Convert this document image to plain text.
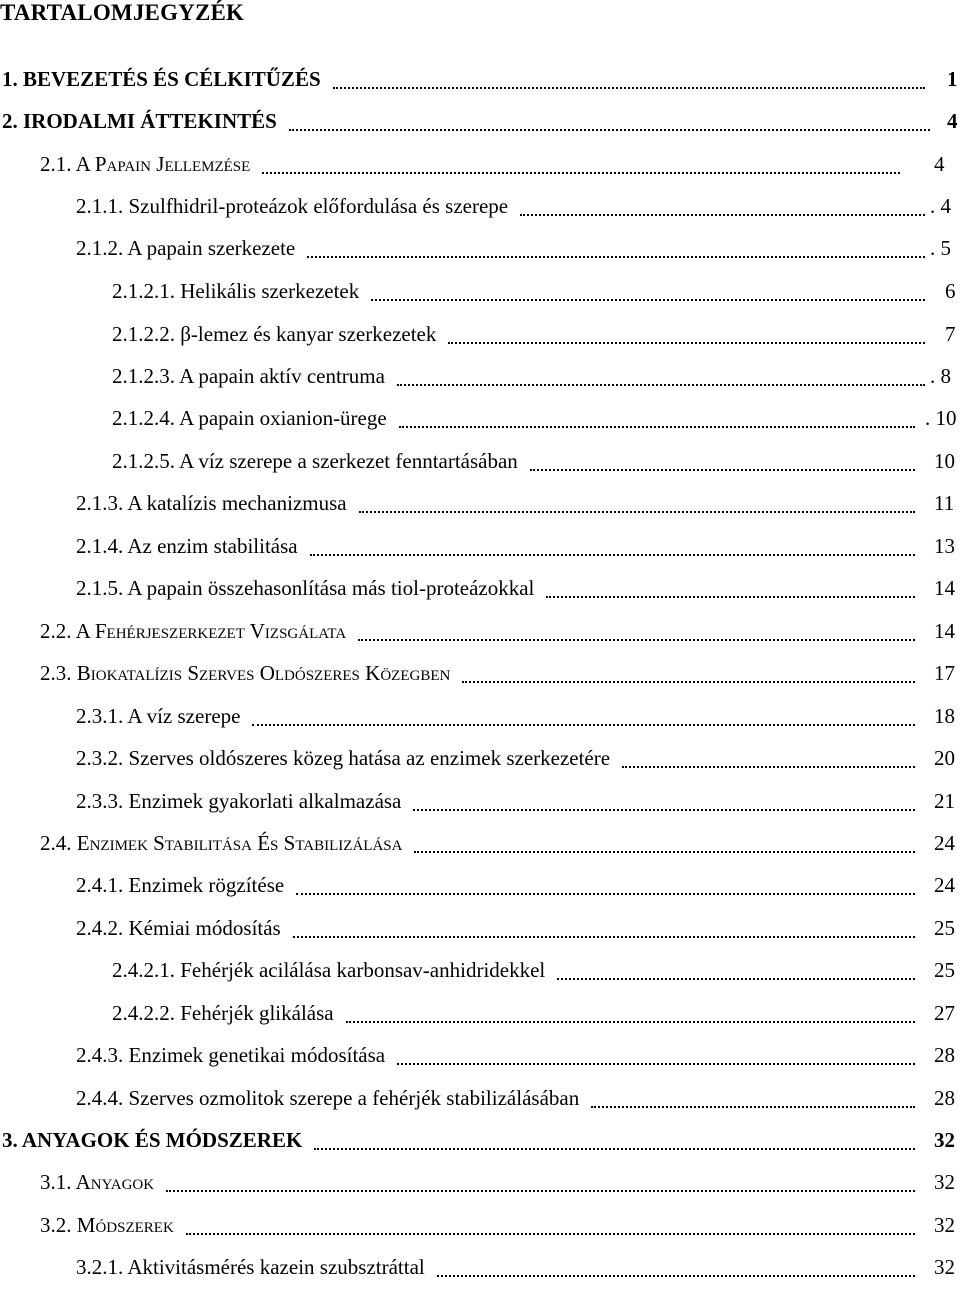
TARTALOMJEGYZÉK
1. BEVEZETÉS ÉS CÉLKITŰZÉS	1
2. IRODALMI ÁTTEKINTÉS	4
2.1. A PAPAIN JELLEMZÉSE	4
2.1.1. Szulfhidril-proteázok előfordulása és szerepe	. 4
2.1.2. A papain szerkezete	. 5
2.1.2.1. Helikális szerkezetek	6
2.1.2.2. β-lemez és kanyar szerkezetek	7
2.1.2.3. A papain aktív centruma	. 8
2.1.2.4. A papain oxianion-ürege	. 10
2.1.2.5. A víz szerepe a szerkezet fenntartásában	10
2.1.3. A katalízis mechanizmusa	11
2.1.4. Az enzim stabilitása	13
2.1.5. A papain összehasonlítása más tiol-proteázokkal	14
2.2. A FEHÉRJESZERKEZET VIZSGÁLATA	14
2.3. BIOKATALÍZIS SZERVES OLDÓSZERES KÖZEGBEN	17
2.3.1. A víz szerepe	18
2.3.2. Szerves oldószeres közeg hatása az enzimek szerkezetére	20
2.3.3. Enzimek gyakorlati alkalmazása	21
2.4. ENZIMEK STABILITÁSA ÉS STABILIZÁLÁSA	24
2.4.1. Enzimek rögzítése	24
2.4.2. Kémiai módosítás	25
2.4.2.1. Fehérjék acilálása karbonsav-anhidridekkel	25
2.4.2.2. Fehérjék glikálása	27
2.4.3. Enzimek genetikai módosítása	28
2.4.4. Szerves ozmolitok szerepe a fehérjék stabilizálásában	28
3. ANYAGOK ÉS MÓDSZEREK	32
3.1. ANYAGOK	32
3.2. MÓDSZEREK	32
3.2.1. Aktivitásmérés kazein szubsztráttal	32
